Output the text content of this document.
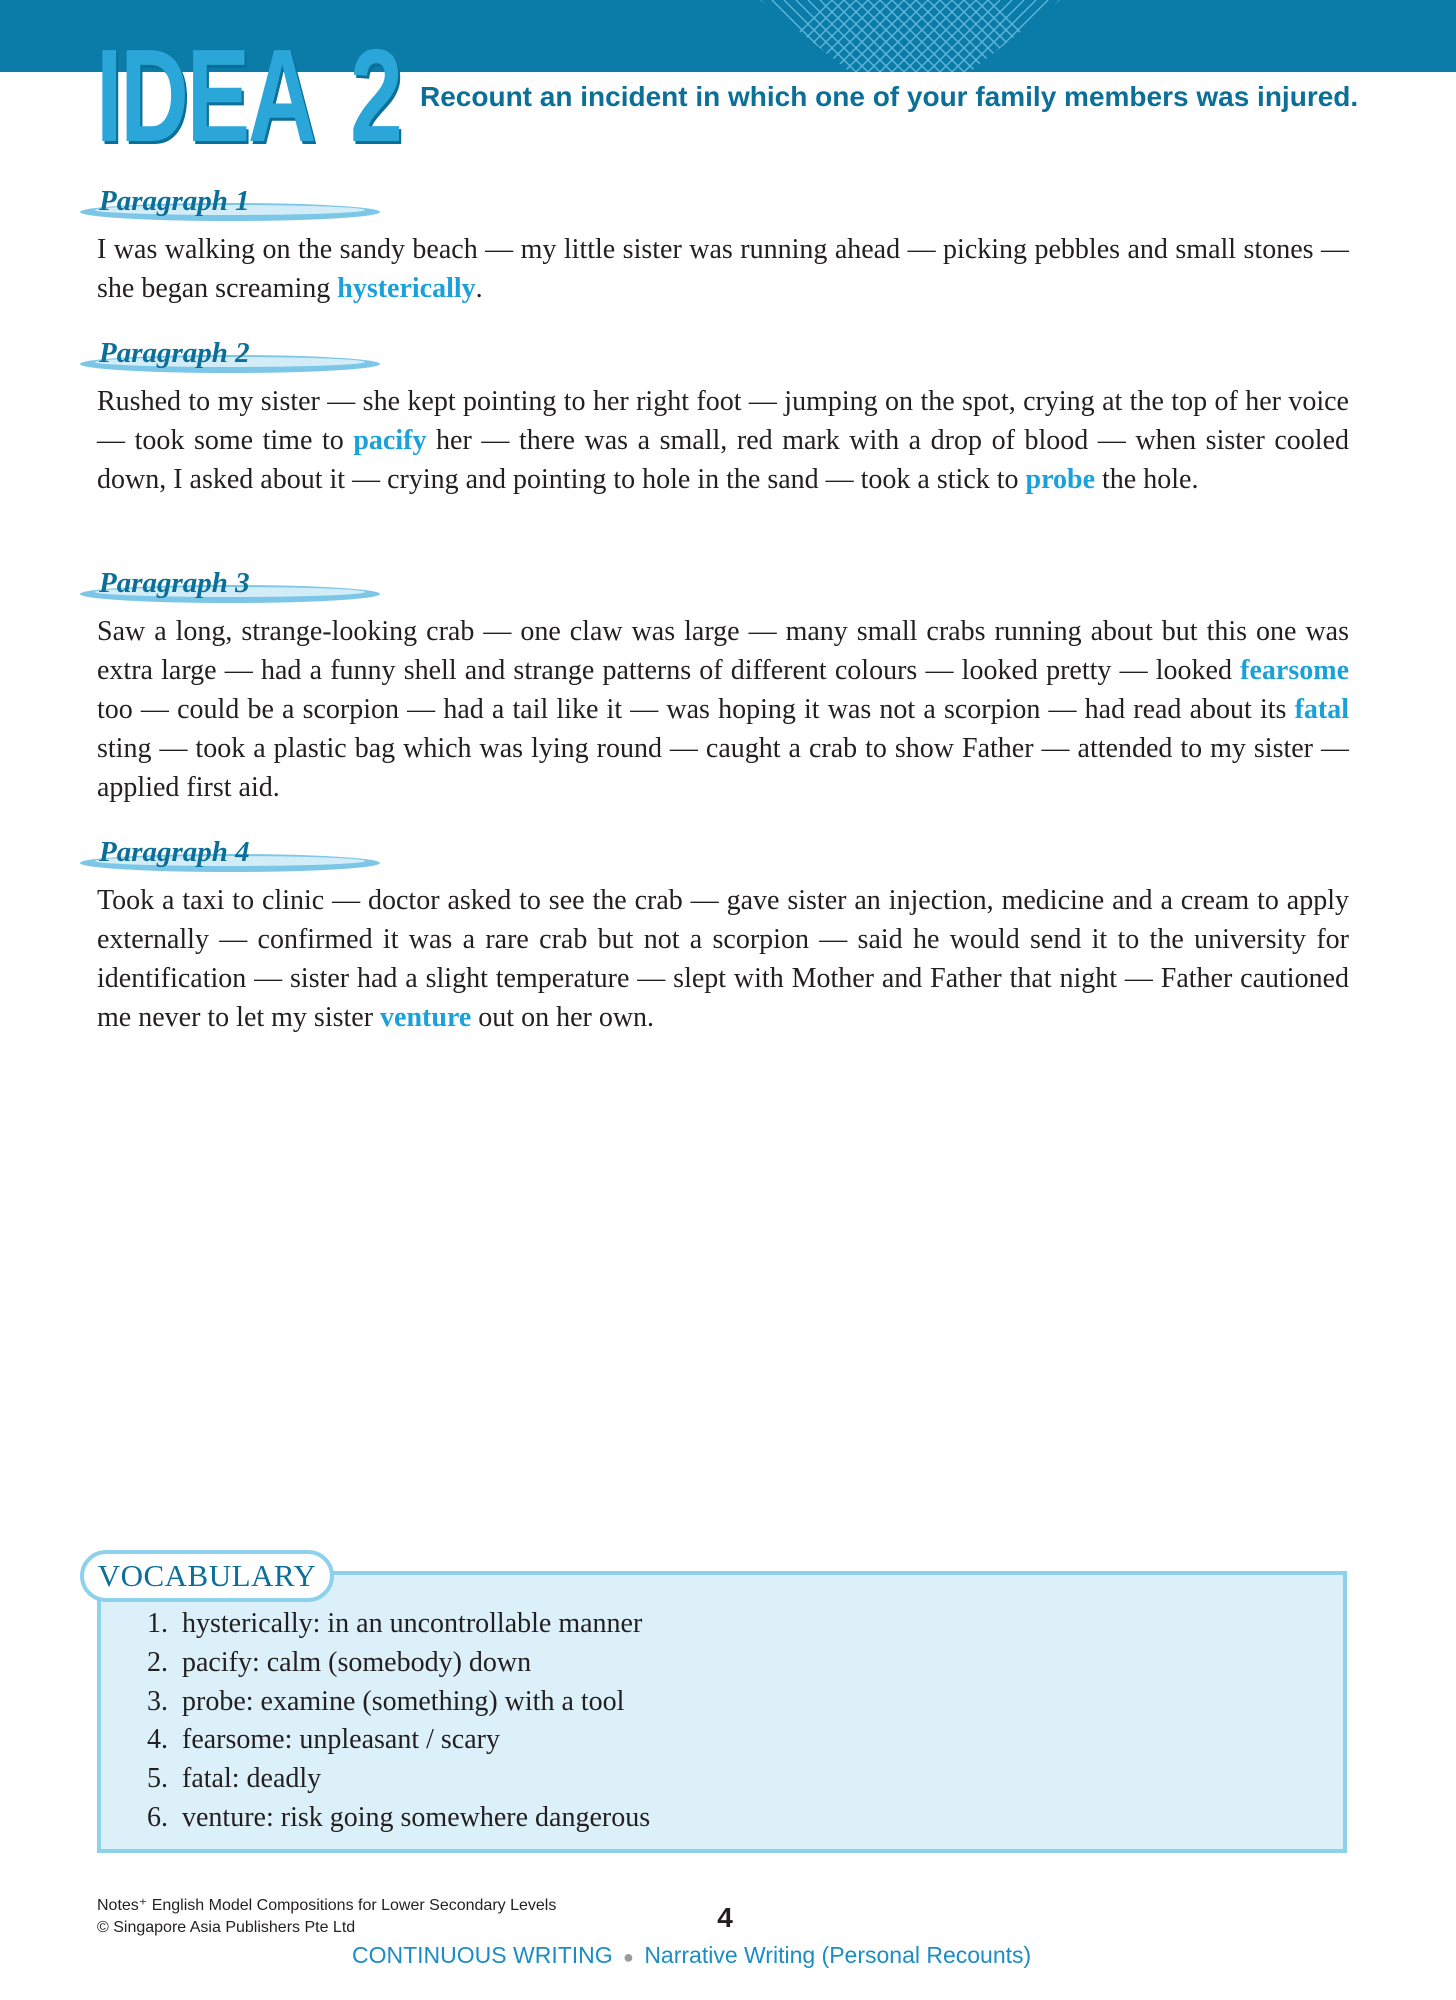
IDEA 2 Recount an incident in which one of your family members was injured.
Paragraph 1

I was walking on the sandy beach — my little sister was running ahead — picking pebbles and small stones — she began screaming hysterically.

Paragraph 2

Rushed to my sister — she kept pointing to her right foot — jumping on the spot, crying at the top of her voice — took some time to pacify her — there was a small, red mark with a drop of blood — when sister cooled down, I asked about it — crying and pointing to hole in the sand — took a stick to probe the hole.

Paragraph 3

Saw a long, strange-looking crab — one claw was large — many small crabs running about but this one was extra large — had a funny shell and strange patterns of different colours — looked pretty — looked fearsome too — could be a scorpion — had a tail like it — was hoping it was not a scorpion — had read about its fatal sting — took a plastic bag which was lying round — caught a crab to show Father — attended to my sister — applied first aid.

Paragraph 4

Took a taxi to clinic — doctor asked to see the crab — gave sister an injection, medicine and a cream to apply externally — confirmed it was a rare crab but not a scorpion — said he would send it to the university for identification — sister had a slight temperature — slept with Mother and Father that night — Father cautioned me never to let my sister venture out on her own.

VOCABULARY
1. hysterically: in an uncontrollable manner
2. pacify: calm (somebody) down
3. probe: examine (something) with a tool
4. fearsome: unpleasant / scary
5. fatal: deadly
6. venture: risk going somewhere dangerous
Notes⁺ English Model Compositions for Lower Secondary Levels
© Singapore Asia Publishers Pte Ltd	4
CONTINUOUS WRITING ● Narrative Writing (Personal Recounts)
